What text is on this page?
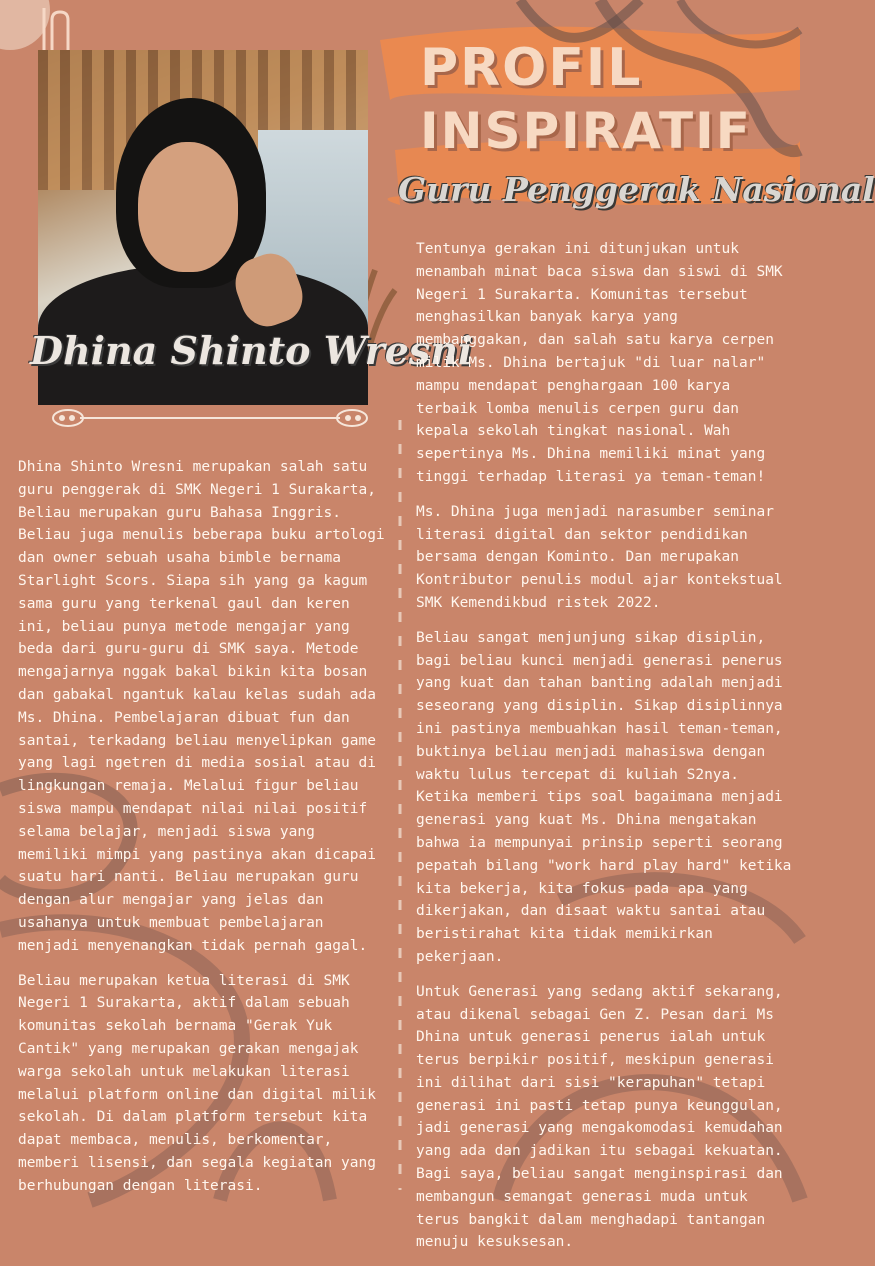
Dhina Shinto Wresni
PROFIL
INSPIRATIF
Guru Penggerak Nasional

Dhina Shinto Wresni merupakan salah satu guru penggerak di SMK Negeri 1 Surakarta, Beliau merupakan guru Bahasa Inggris. Beliau juga menulis beberapa buku artologi dan owner sebuah usaha bimble bernama Starlight Scors. Siapa sih yang ga kagum sama guru yang terkenal gaul dan keren ini, beliau punya metode mengajar yang beda dari guru-guru di SMK saya. Metode mengajarnya nggak bakal bikin kita bosan dan gabakal ngantuk kalau kelas sudah ada Ms. Dhina. Pembelajaran dibuat fun dan santai, terkadang beliau menyelipkan game yang lagi ngetren di media sosial atau di lingkungan remaja. Melalui figur beliau siswa mampu mendapat nilai nilai positif selama belajar, menjadi siswa yang memiliki mimpi yang pastinya akan dicapai suatu hari nanti. Beliau merupakan guru dengan alur mengajar yang jelas dan usahanya untuk membuat pembelajaran menjadi menyenangkan tidak pernah gagal.

Beliau merupakan ketua literasi di SMK Negeri 1 Surakarta, aktif dalam sebuah komunitas sekolah bernama "Gerak Yuk Cantik" yang merupakan gerakan mengajak warga sekolah untuk melakukan literasi melalui platform online dan digital milik sekolah. Di dalam platform tersebut kita dapat membaca, menulis, berkomentar, memberi lisensi, dan segala kegiatan yang berhubungan dengan literasi.

Tentunya gerakan ini ditunjukan untuk menambah minat baca siswa dan siswi di SMK Negeri 1 Surakarta. Komunitas tersebut menghasilkan banyak karya yang membanggakan, dan salah satu karya cerpen milik Ms. Dhina bertajuk "di luar nalar" mampu mendapat penghargaan 100 karya terbaik lomba menulis cerpen guru dan kepala sekolah tingkat nasional. Wah sepertinya Ms. Dhina memiliki minat yang tinggi terhadap literasi ya teman-teman!

Ms. Dhina juga menjadi narasumber seminar literasi digital dan sektor pendidikan bersama dengan Kominto. Dan merupakan Kontributor penulis modul ajar kontekstual SMK Kemendikbud ristek 2022.

Beliau sangat menjunjung sikap disiplin, bagi beliau kunci menjadi generasi penerus yang kuat dan tahan banting adalah menjadi seseorang yang disiplin. Sikap disiplinnya ini pastinya membuahkan hasil teman-teman, buktinya beliau menjadi mahasiswa dengan waktu lulus tercepat di kuliah S2nya. Ketika memberi tips soal bagaimana menjadi generasi yang kuat Ms. Dhina mengatakan bahwa ia mempunyai prinsip seperti seorang pepatah bilang "work hard play hard" ketika kita bekerja, kita fokus pada apa yang dikerjakan, dan disaat waktu santai atau beristirahat kita tidak memikirkan pekerjaan.

Untuk Generasi yang sedang aktif sekarang, atau dikenal sebagai Gen Z. Pesan dari Ms Dhina untuk generasi penerus ialah untuk terus berpikir positif, meskipun generasi ini dilihat dari sisi "kerapuhan" tetapi generasi ini pasti tetap punya keunggulan, jadi generasi yang mengakomodasi kemudahan yang ada dan jadikan itu sebagai kekuatan. Bagi saya, beliau sangat menginspirasi dan membangun semangat generasi muda untuk terus bangkit dalam menghadapi tantangan menuju kesuksesan.
